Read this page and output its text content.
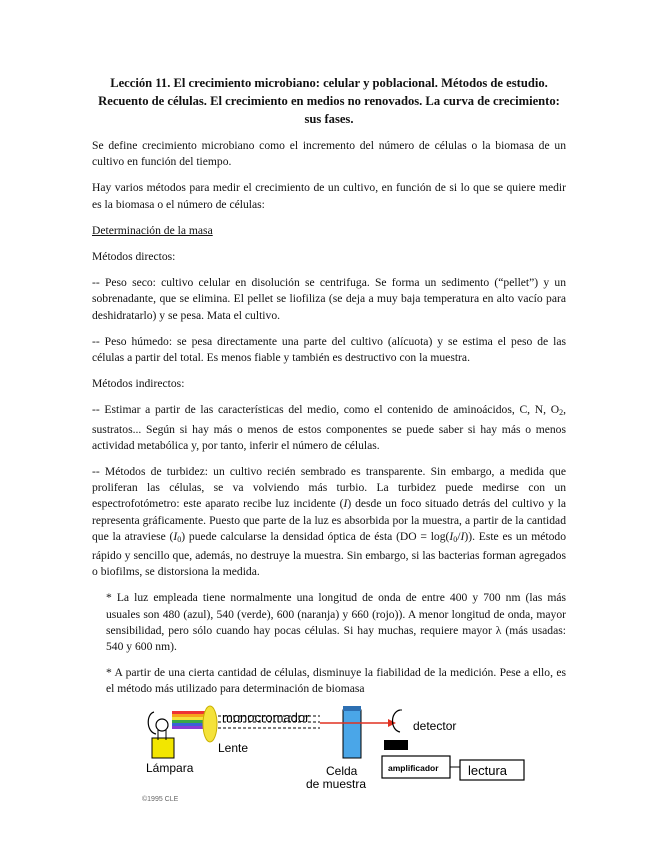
Lección 11. El crecimiento microbiano: celular y poblacional. Métodos de estudio. Recuento de células. El crecimiento en medios no renovados. La curva de crecimiento: sus fases.

Se define crecimiento microbiano como el incremento del número de células o la biomasa de un cultivo en función del tiempo.

Hay varios métodos para medir el crecimiento de un cultivo, en función de si lo que se quiere medir es la biomasa o el número de células:

Determinación de la masa

Métodos directos:

-- Peso seco: cultivo celular en disolución se centrifuga. Se forma un sedimento (“pellet”) y un sobrenadante, que se elimina. El pellet se liofiliza (se deja a muy baja temperatura en alto vacío para deshidratarlo) y se pesa. Mata el cultivo.

-- Peso húmedo: se pesa directamente una parte del cultivo (alícuota) y se estima el peso de las células a partir del total. Es menos fiable y también es destructivo con la muestra.

Métodos indirectos:

-- Estimar a partir de las características del medio, como el contenido de aminoácidos, C, N, $O_2$, sustratos... Según si hay más o menos de estos componentes se puede saber si hay más o menos actividad metabólica y, por tanto, inferir el número de células.

-- Métodos de turbidez: un cultivo recién sembrado es transparente. Sin embargo, a medida que proliferan las células, se va volviendo más turbio. La turbidez puede medirse con un espectrofotómetro: este aparato recibe luz incidente (I) desde un foco situado detrás del cultivo y la representa gráficamente. Puesto que parte de la luz es absorbida por la muestra, a partir de la cantidad que la atraviese $(I_0)$ puede calcularse la densidad óptica de ésta $(DO = \log(I_0/I))$. Este es un método rápido y sencillo que, además, no destruye la muestra. Sin embargo, si las bacterias forman agregados o biofilms, se distorsiona la medida.

* La luz empleada tiene normalmente una longitud de onda de entre 400 y 700 nm (las más usuales son 480 (azul), 540 (verde), 600 (naranja) y 660 (rojo)). A menor longitud de onda, mayor sensibilidad, pero sólo cuando hay pocas células. Si hay muchas, requiere mayor λ (más usadas: 540 y 600 nm).

* A partir de una cierta cantidad de células, disminuye la fiabilidad de la medición. Pese a ello, es el método más utilizado para determinación de biomasa

monocromador
Lente
Lámpara	Celda
de muestra
detector
amplificador lectura
©1995 CLE
